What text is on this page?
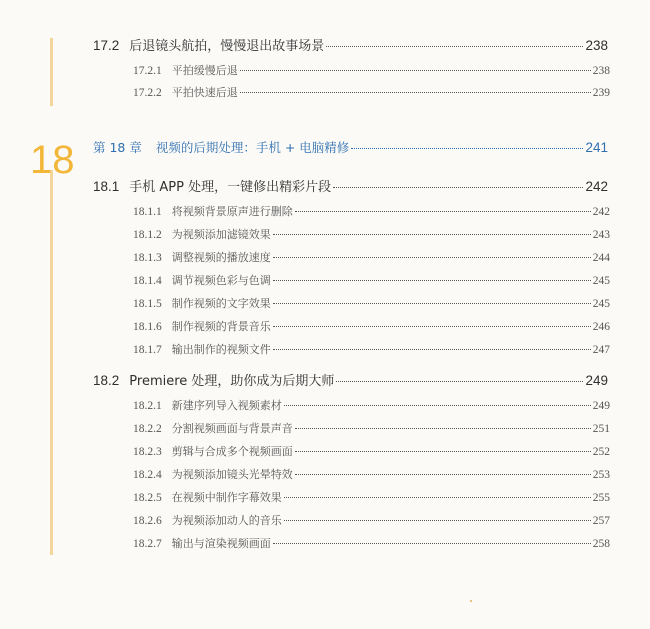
18
17.2 后退镜头航拍，慢慢退出故事场景	238
17.2.1 平拍缓慢后退	238
17.2.2 平拍快速后退	239
第 18 章 视频的后期处理：手机 + 电脑精修	241
18.1 手机 APP 处理，一键修出精彩片段	242
18.1.1 将视频背景原声进行删除	242
18.1.2 为视频添加滤镜效果	243
18.1.3 调整视频的播放速度	244
18.1.4 调节视频色彩与色调	245
18.1.5 制作视频的文字效果	245
18.1.6 制作视频的背景音乐	246
18.1.7 输出制作的视频文件	247
18.2 Premiere 处理，助你成为后期大师	249
18.2.1 新建序列导入视频素材	249
18.2.2 分割视频画面与背景声音	251
18.2.3 剪辑与合成多个视频画面	252
18.2.4 为视频添加镜头光晕特效	253
18.2.5 在视频中制作字幕效果	255
18.2.6 为视频添加动人的音乐	257
18.2.7 输出与渲染视频画面	258
